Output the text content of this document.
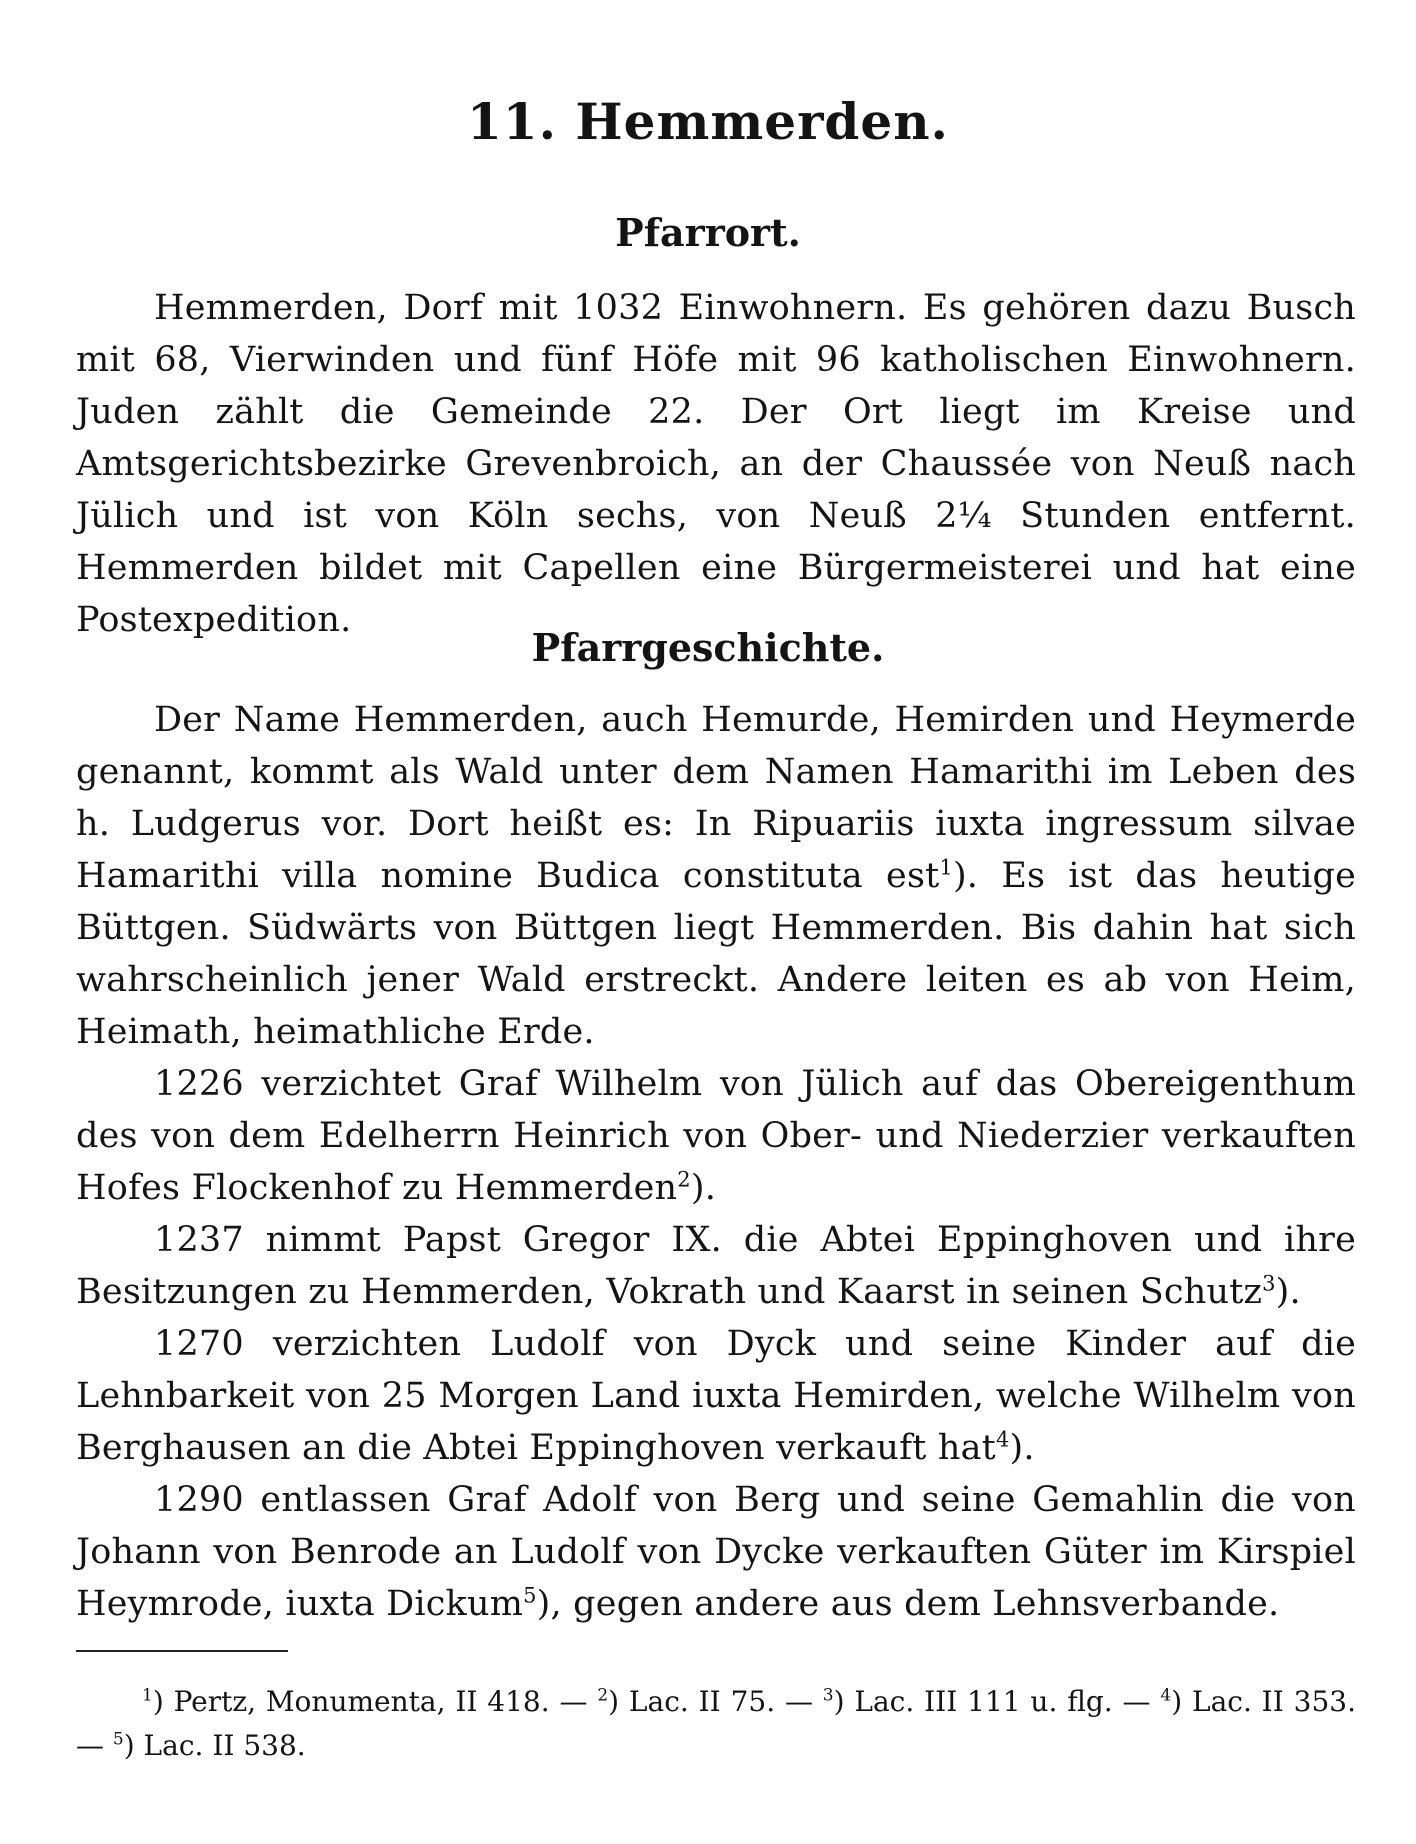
11. Hemmerden.
Pfarrort.

Hemmerden, Dorf mit 1032 Einwohnern. Es gehören dazu Busch mit 68, Vierwinden und fünf Höfe mit 96 katholischen Einwohnern. Juden zählt die Gemeinde 22. Der Ort liegt im Kreise und Amtsgerichtsbezirke Grevenbroich, an der Chaussée von Neuß nach Jülich und ist von Köln sechs, von Neuß 2¼ Stunden entfernt. Hemmerden bildet mit Capellen eine Bürgermeisterei und hat eine Postexpedition.

Pfarrgeschichte.

Der Name Hemmerden, auch Hemurde, Hemirden und Heymerde genannt, kommt als Wald unter dem Namen Hamarithi im Leben des h. Ludgerus vor. Dort heißt es: In Ripuariis iuxta ingressum silvae Hamarithi villa nomine Budica constituta est$^1$). Es ist das heutige Büttgen. Südwärts von Büttgen liegt Hemmerden. Bis dahin hat sich wahrscheinlich jener Wald erstreckt. Andere leiten es ab von Heim, Heimath, heimathliche Erde.

1226 verzichtet Graf Wilhelm von Jülich auf das Obereigenthum des von dem Edelherrn Heinrich von Ober- und Niederzier verkauften Hofes Flockenhof zu Hemmerden$^2$).

1237 nimmt Papst Gregor IX. die Abtei Eppinghoven und ihre Besitzungen zu Hemmerden, Vokrath und Kaarst in seinen Schutz$^3$).

1270 verzichten Ludolf von Dyck und seine Kinder auf die Lehnbarkeit von 25 Morgen Land iuxta Hemirden, welche Wilhelm von Berghausen an die Abtei Eppinghoven verkauft hat$^4$).

1290 entlassen Graf Adolf von Berg und seine Gemahlin die von Johann von Benrode an Ludolf von Dycke verkauften Güter im Kirspiel Heymrode, iuxta Dickum$^5$), gegen andere aus dem Lehnsverbande.

$^1$) Pertz, Monumenta, II 418. — $^2$) Lac. II 75. — $^3$) Lac. III 111 u. flg. — $^4$) Lac. II 353. — $^5$) Lac. II 538.
